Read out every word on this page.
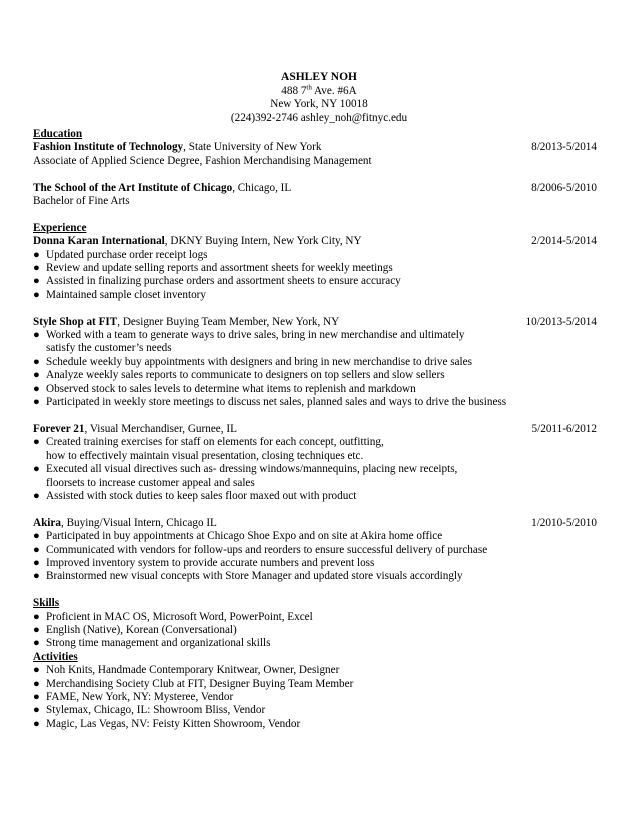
ASHLEY NOH
488 7th Ave. #6A
New York, NY 10018
(224)392-2746 ashley_noh@fitnyc.edu
Education
Fashion Institute of Technology, State University of New York	8/2013-5/2014
Associate of Applied Science Degree, Fashion Merchandising Management
The School of the Art Institute of Chicago, Chicago, IL	8/2006-5/2010
Bachelor of Fine Arts
Experience
Donna Karan International, DKNY Buying Intern, New York City, NY	2/2014-5/2014
● Updated purchase order receipt logs
● Review and update selling reports and assortment sheets for weekly meetings
● Assisted in finalizing purchase orders and assortment sheets to ensure accuracy
● Maintained sample closet inventory
Style Shop at FIT, Designer Buying Team Member, New York, NY	10/2013-5/2014
● Worked with a team to generate ways to drive sales, bring in new merchandise and ultimately
satisfy the customer’s needs
● Schedule weekly buy appointments with designers and bring in new merchandise to drive sales
● Analyze weekly sales reports to communicate to designers on top sellers and slow sellers
● Observed stock to sales levels to determine what items to replenish and markdown
● Participated in weekly store meetings to discuss net sales, planned sales and ways to drive the business
Forever 21, Visual Merchandiser, Gurnee, IL	5/2011-6/2012
● Created training exercises for staff on elements for each concept, outfitting,
how to effectively maintain visual presentation, closing techniques etc.
● Executed all visual directives such as- dressing windows/mannequins, placing new receipts,
floorsets to increase customer appeal and sales
● Assisted with stock duties to keep sales floor maxed out with product
Akira, Buying/Visual Intern, Chicago IL	1/2010-5/2010
● Participated in buy appointments at Chicago Shoe Expo and on site at Akira home office
● Communicated with vendors for follow-ups and reorders to ensure successful delivery of purchase
● Improved inventory system to provide accurate numbers and prevent loss
● Brainstormed new visual concepts with Store Manager and updated store visuals accordingly
Skills
● Proficient in MAC OS, Microsoft Word, PowerPoint, Excel
● English (Native), Korean (Conversational)
● Strong time management and organizational skills
Activities
● Noh Knits, Handmade Contemporary Knitwear, Owner, Designer
● Merchandising Society Club at FIT, Designer Buying Team Member
● FAME, New York, NY: Mysteree, Vendor
● Stylemax, Chicago, IL: Showroom Bliss, Vendor
● Magic, Las Vegas, NV: Feisty Kitten Showroom, Vendor
